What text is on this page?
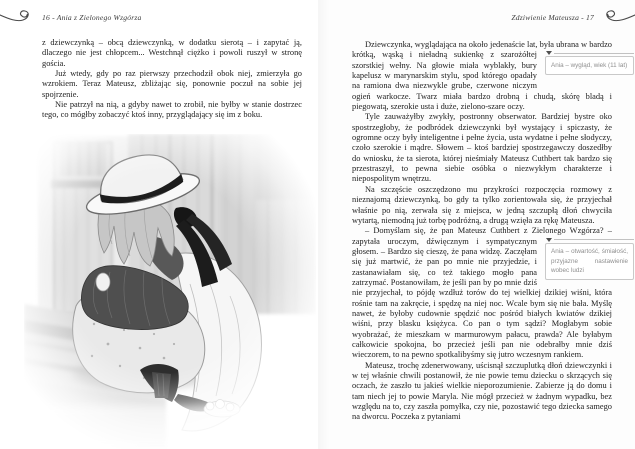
16 - Ania z Zielonego Wzgórza

z dziewczynką – obcą dziewczynką, w dodatku sierotą – i zapytać ją, dlaczego nie jest chłopcem... Westchnął ciężko i powoli ruszył w stronę gościa.

Już wtedy, gdy po raz pierwszy przechodził obok niej, zmierzyła go wzrokiem. Teraz Mateusz, zbliżając się, ponownie poczuł na sobie jej spojrzenie.

Nie patrzył na nią, a gdyby nawet to zrobił, nie byłby w stanie dostrzec tego, co mógłby zobaczyć ktoś inny, przyglądający się im z boku.

Zdziwienie Mateusza - 17

Dziewczynka, wyglądająca na około jedenaście lat, była ubrana
Ania – wygląd, wiek (11 lat)
w bardzo krótką, wąską i nieładną sukienkę z szarożółtej szorstkiej wełny. Na głowie miała wyblakły, bury kapelusz w marynarskim stylu, spod którego opadały na ramiona dwa niezwykle grube, czerwone niczym ogień warkocze. Twarz miała bardzo drobną i chudą, skórę bladą i piegowatą, szerokie usta i duże, zielono-szare oczy.

Tyle zauważyłby zwykły, postronny obserwator. Bardziej bystre oko spostrzegłoby, że podbródek dziewczynki był wystający i spiczasty, że ogromne oczy były inteligentne i pełne życia, usta wydatne i pełne słodyczy, czoło szerokie i mądre. Słowem – ktoś bardziej spostrzegawczy doszedłby do wniosku, że ta sierota, której nieśmiały Mateusz Cuthbert tak bardzo się przestraszył, to pewna siebie osóbka o niezwykłym charakterze i niepospolitym wnętrzu.

Na szczęście oszczędzono mu przykrości rozpoczęcia rozmowy z nieznajomą dziewczynką, bo gdy ta tylko zorientowała się, że przyjechał właśnie po nią, zerwała się z miejsca, w jedną szczupłą dłoń chwyciła wytartą, niemodną już torbę podróżną, a drugą wzięła za rękę Mateusza.

– Domyślam się, że pan Mateusz Cuthbert z Zielonego Wzgórza? –
Ania – otwartość, śmiałość, przyjazne nastawienie wobec ludzi
zapytała uroczym, dźwięcznym i sympatycznym głosem. – Bardzo się cieszę, że pana widzę. Zaczęłam się już martwić, że pan po mnie nie przyjedzie, i zastanawiałam się, co też takiego mogło pana zatrzymać. Postanowiłam, że jeśli pan by po mnie dziś nie przyjechał, to pójdę wzdłuż torów do tej wielkiej dzikiej wiśni, która rośnie tam na zakręcie, i spędzę na niej noc. Wcale bym się nie bała. Myślę nawet, że byłoby cudownie spędzić noc pośród białych kwiatów dzikiej wiśni, przy blasku księżyca. Co pan o tym sądzi? Mogłabym sobie wyobrażać, że mieszkam w marmurowym pałacu, prawda? Ale byłabym całkowicie spokojna, bo przecież jeśli pan nie odebrałby mnie dziś wieczorem, to na pewno spotkalibyśmy się jutro wczesnym rankiem.

Mateusz, trochę zdenerwowany, uścisnął szczuplutką dłoń dziewczynki i w tej właśnie chwili postanowił, że nie powie temu dziecku o skrzących się oczach, że zaszło tu jakieś wielkie nieporozumienie. Zabierze ją do domu i tam niech jej to powie Maryla. Nie mógł przecież w żadnym wypadku, bez względu na to, czy zaszła pomyłka, czy nie, pozostawić tego dziecka samego na dworcu. Poczeka z pytaniami
